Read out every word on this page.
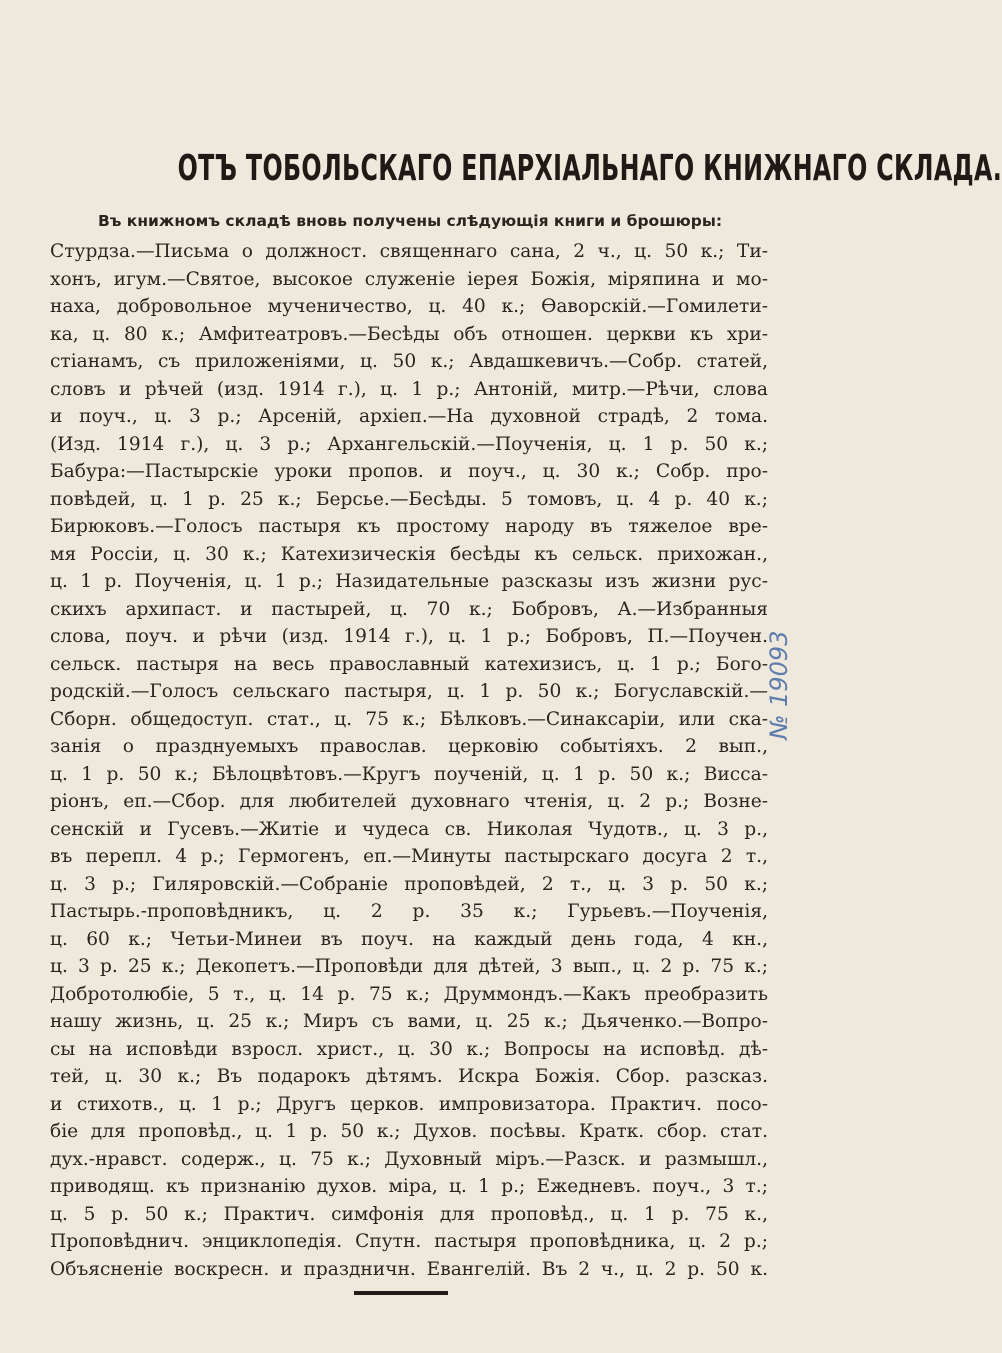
ОТЪ ТОБОЛЬСКАГО ЕПАРХІАЛЬНАГО КНИЖНАГО СКЛАДА.
Въ книжномъ складѣ вновь получены слѣдующія книги и брошюры:
Стурдза.—Письма о должност. священнаго сана, 2 ч., ц. 50 к.; Ти-
хонъ, игум.—Святое, высокое служеніе іерея Божія, міряпина и мо-
наха, добровольное мученичество, ц. 40 к.; Ѳаворскій.—Гомилети-
ка, ц. 80 к.; Амфитеатровъ.—Бесѣды объ отношен. церкви къ хри-
стіанамъ, съ приложеніями, ц. 50 к.; Авдашкевичъ.—Собр. статей,
словъ и рѣчей (изд. 1914 г.), ц. 1 р.; Антоній, митр.—Рѣчи, слова
и поуч., ц. 3 р.; Арсеній, архіеп.—На духовной страдѣ, 2 тома.
(Изд. 1914 г.), ц. 3 р.; Архангельскій.—Поученія, ц. 1 р. 50 к.;
Бабура:—Пастырскіе уроки пропов. и поуч., ц. 30 к.; Собр. про-
повѣдей, ц. 1 р. 25 к.; Берсье.—Бесѣды. 5 томовъ, ц. 4 р. 40 к.;
Бирюковъ.—Голосъ пастыря къ простому народу въ тяжелое вре-
мя Россіи, ц. 30 к.; Катехизическія бесѣды къ сельск. прихожан.,
ц. 1 р. Поученія, ц. 1 р.; Назидательные разсказы изъ жизни рус-
скихъ архипаст. и пастырей, ц. 70 к.; Бобровъ, А.—Избранныя
слова, поуч. и рѣчи (изд. 1914 г.), ц. 1 р.; Бобровъ, П.—Поучен.
сельск. пастыря на весь православный катехизисъ, ц. 1 р.; Бого-
родскій.—Голосъ сельскаго пастыря, ц. 1 р. 50 к.; Богуславскій.—
Сборн. общедоступ. стат., ц. 75 к.; Бѣлковъ.—Синаксаріи, или ска-
занія о празднуемыхъ православ. церковію событіяхъ. 2 вып.,
ц. 1 р. 50 к.; Бѣлоцвѣтовъ.—Кругъ поученій, ц. 1 р. 50 к.; Висса-
ріонъ, еп.—Сбор. для любителей духовнаго чтенія, ц. 2 р.; Возне-
сенскій и Гусевъ.—Житіе и чудеса св. Николая Чудотв., ц. 3 р.,
въ перепл. 4 р.; Гермогенъ, еп.—Минуты пастырскаго досуга 2 т.,
ц. 3 р.; Гиляровскій.—Собраніе проповѣдей, 2 т., ц. 3 р. 50 к.;
Пастырь.-проповѣдникъ, ц. 2 р. 35 к.; Гурьевъ.—Поученія,
ц. 60 к.; Четьи-Минеи въ поуч. на каждый день года, 4 кн.,
ц. 3 р. 25 к.; Декопетъ.—Проповѣди для дѣтей, 3 вып., ц. 2 р. 75 к.;
Добротолюбіе, 5 т., ц. 14 р. 75 к.; Друммондъ.—Какъ преобразить
нашу жизнь, ц. 25 к.; Миръ съ вами, ц. 25 к.; Дьяченко.—Вопро-
сы на исповѣди взросл. христ., ц. 30 к.; Вопросы на исповѣд. дѣ-
тей, ц. 30 к.; Въ подарокъ дѣтямъ. Искра Божія. Сбор. разсказ.
и стихотв., ц. 1 р.; Другъ церков. импровизатора. Практич. посо-
біе для проповѣд., ц. 1 р. 50 к.; Духов. посѣвы. Кратк. сбор. стат.
дух.-нравст. содерж., ц. 75 к.; Духовный міръ.—Разск. и размышл.,
приводящ. къ признанію духов. міра, ц. 1 р.; Ежедневъ. поуч., 3 т.;
ц. 5 р. 50 к.; Практич. симфонія для проповѣд., ц. 1 р. 75 к.,
Проповѣднич. энциклопедія. Спутн. пастыря проповѣдника, ц. 2 р.;
Объясненіе воскресн. и праздничн. Евангелій. Въ 2 ч., ц. 2 р. 50 к.
№ 19093
